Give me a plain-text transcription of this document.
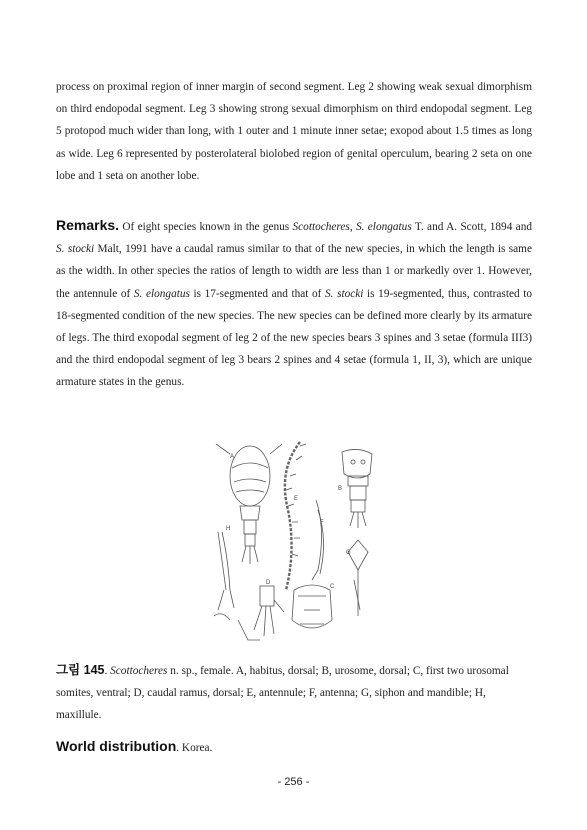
process on proximal region of inner margin of second segment. Leg 2 showing weak sexual dimorphism on third endopodal segment. Leg 3 showing strong sexual dimorphism on third endopodal segment. Leg 5 protopod much wider than long, with 1 outer and 1 minute inner setae; exopod about 1.5 times as long as wide. Leg 6 represented by posterolateral biolobed region of genital operculum, bearing 2 seta on one lobe and 1 seta on another lobe.

Remarks. Of eight species known in the genus Scottocheres, S. elongatus T. and A. Scott, 1894 and S. stocki Malt, 1991 have a caudal ramus similar to that of the new species, in which the length is same as the width. In other species the ratios of length to width are less than 1 or markedly over 1. However, the antennule of S. elongatus is 17-segmented and that of S. stocki is 19-segmented, thus, contrasted to 18-segmented condition of the new species. The new species can be defined more clearly by its armature of legs. The third exopodal segment of leg 2 of the new species bears 3 spines and 3 setae (formula III3) and the third endopodal segment of leg 3 bears 2 spines and 4 setae (formula 1, II, 3), which are unique armature states in the genus.

A
B
C
D
E
F
G
H

그림 145. Scottocheres n. sp., female. A, habitus, dorsal; B, urosome, dorsal; C, first two urosomal somites, ventral; D, caudal ramus, dorsal; E, antennule; F, antenna; G, siphon and mandible; H, maxillule.

World distribution. Korea.

- 256 -
